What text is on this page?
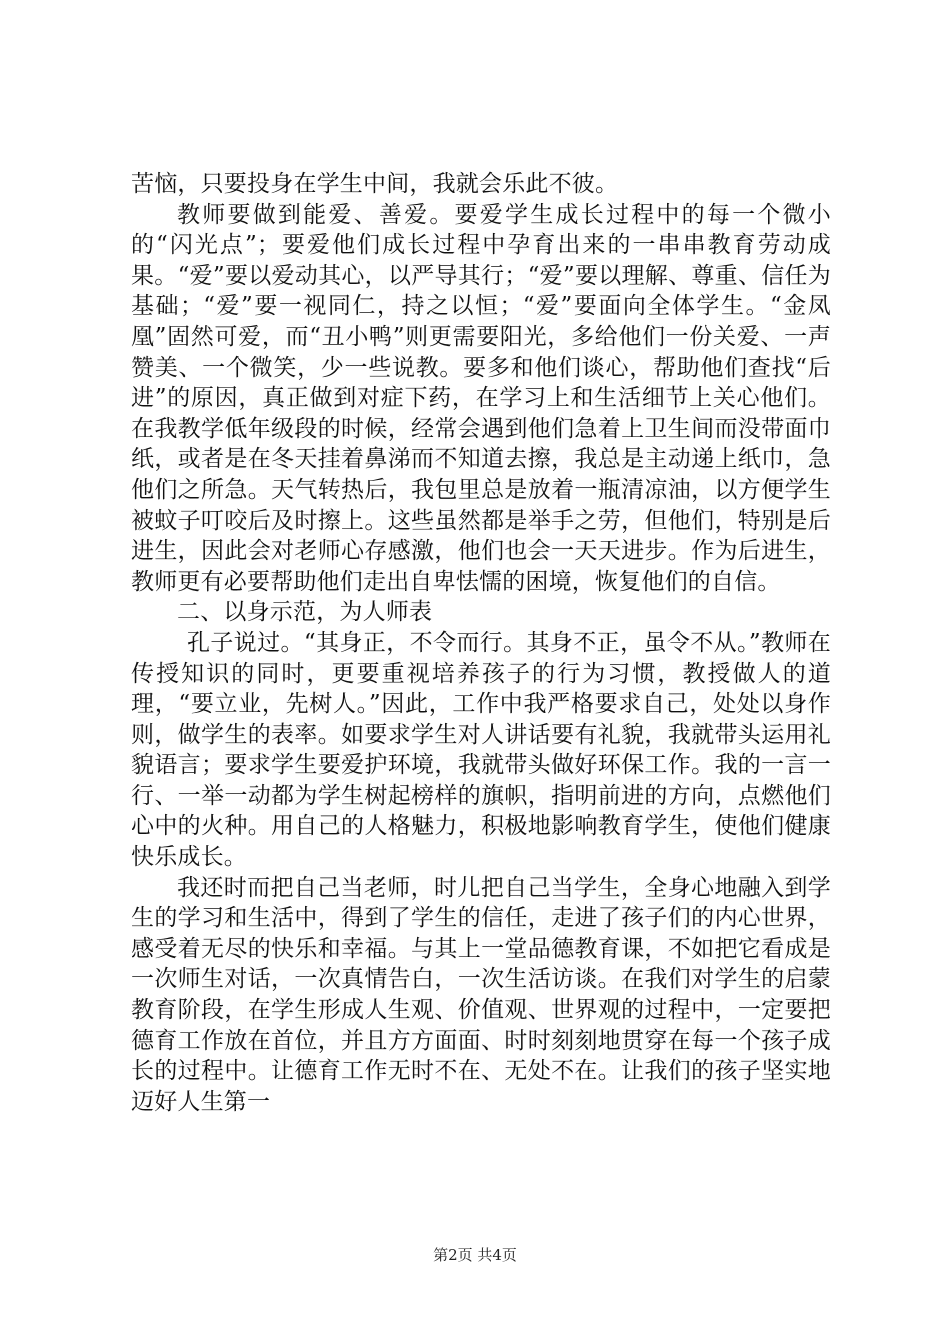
苦恼，只要投身在学生中间，我就会乐此不彼。

教师要做到能爱、善爱。要爱学生成长过程中的每一个微小的“闪光点”；要爱他们成长过程中孕育出来的一串串教育劳动成果。“爱”要以爱动其心，以严导其行；“爱”要以理解、尊重、信任为基础；“爱”要一视同仁，持之以恒；“爱”要面向全体学生。“金凤凰”固然可爱，而“丑小鸭”则更需要阳光，多给他们一份关爱、一声赞美、一个微笑，少一些说教。要多和他们谈心，帮助他们查找“后进”的原因，真正做到对症下药，在学习上和生活细节上关心他们。在我教学低年级段的时候，经常会遇到他们急着上卫生间而没带面巾纸，或者是在冬天挂着鼻涕而不知道去擦，我总是主动递上纸巾，急他们之所急。天气转热后，我包里总是放着一瓶清凉油，以方便学生被蚊子叮咬后及时擦上。这些虽然都是举手之劳，但他们，特别是后进生，因此会对老师心存感激，他们也会一天天进步。作为后进生，教师更有必要帮助他们走出自卑怯懦的困境，恢复他们的自信。

二、以身示范，为人师表

孔子说过。“其身正，不令而行。其身不正，虽令不从。”教师在传授知识的同时，更要重视培养孩子的行为习惯，教授做人的道理，“要立业，先树人。”因此，工作中我严格要求自己，处处以身作则，做学生的表率。如要求学生对人讲话要有礼貌，我就带头运用礼貌语言；要求学生要爱护环境，我就带头做好环保工作。我的一言一行、一举一动都为学生树起榜样的旗帜，指明前进的方向，点燃他们心中的火种。用自己的人格魅力，积极地影响教育学生，使他们健康快乐成长。

我还时而把自己当老师，时儿把自己当学生，全身心地融入到学生的学习和生活中，得到了学生的信任，走进了孩子们的内心世界，感受着无尽的快乐和幸福。与其上一堂品德教育课，不如把它看成是一次师生对话，一次真情告白，一次生活访谈。在我们对学生的启蒙教育阶段，在学生形成人生观、价值观、世界观的过程中，一定要把德育工作放在首位，并且方方面面、时时刻刻地贯穿在每一个孩子成长的过程中。让德育工作无时不在、无处不在。让我们的孩子坚实地迈好人生第一

第2页 共4页
